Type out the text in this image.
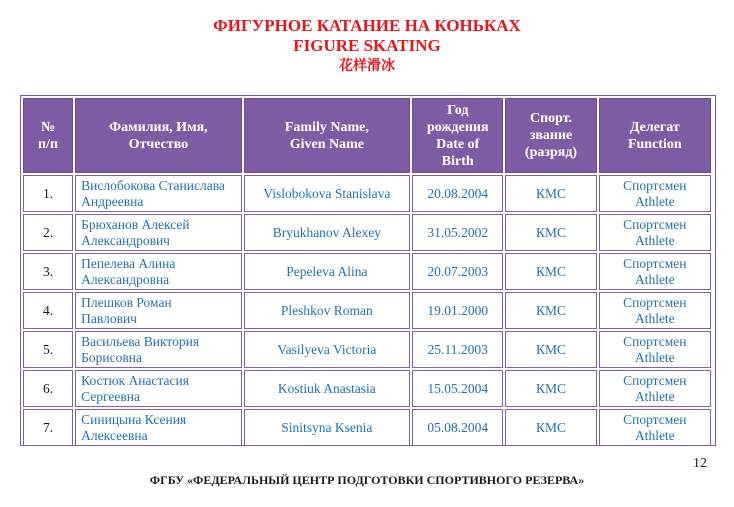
ФИГУРНОЕ КАТАНИЕ НА КОНЬКАХ
FIGURE SKATING
花样滑冰
№
п/п	Фамилия, Имя,
Отчество	Family Name,
Given Name	Год
рождения
Date of
Birth	Спорт.
звание
(разряд)	Делегат
Function
1.	Вислобокова Станислава
Андреевна	Vislobokova Stanislava	20.08.2004	КМС	Спортсмен
Athlete
2.	Брюханов Алексей
Александрович	Bryukhanov Alexey	31.05.2002	КМС	Спортсмен
Athlete
3.	Пепелева Алина
Александровна	Pepeleva Alina	20.07.2003	КМС	Спортсмен
Athlete
4.	Плешков Роман
Павлович	Pleshkov Roman	19.01.2000	КМС	Спортсмен
Athlete
5.	Васильева Виктория
Борисовна	Vasilyeva Victoria	25.11.2003	КМС	Спортсмен
Athlete
6.	Костюк Анастасия
Сергеевна	Kostiuk Anastasia	15.05.2004	КМС	Спортсмен
Athlete
7.	Синицына Ксения
Алексеевна	Sinitsyna Ksenia	05.08.2004	КМС	Спортсмен
Athlete
12
ФГБУ «ФЕДЕРАЛЬНЫЙ ЦЕНТР ПОДГОТОВКИ СПОРТИВНОГО РЕЗЕРВА»
